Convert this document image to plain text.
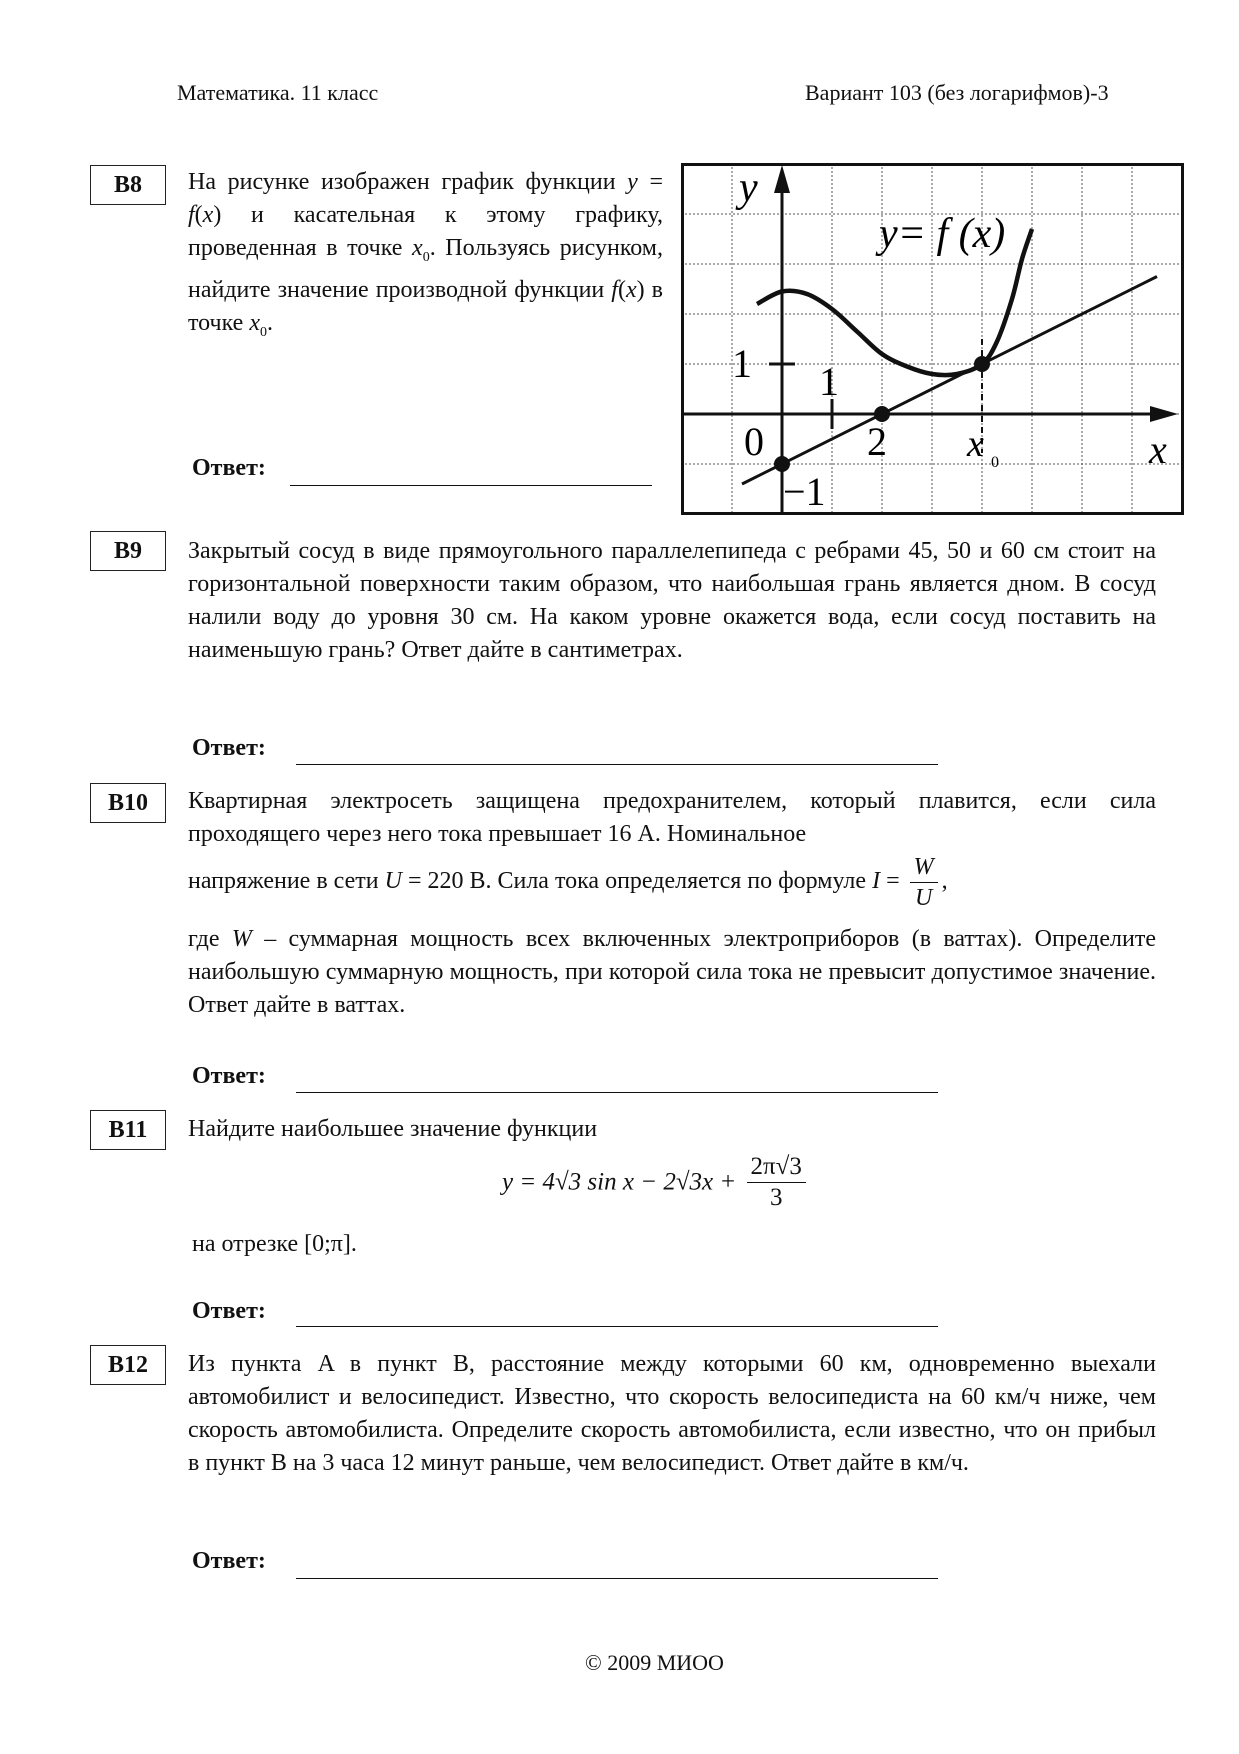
Математика. 11 класс	Вариант 103 (без логарифмов)-3
B8	На рисунке изображен график функции y = f(x) и касательная к этому графику, проведенная в точке $x_0$. Пользуясь рисунком, найдите значение производной функции f(x) в точке $x_0$.
Ответ:
y
x
y= f (x)
0
1 1
2
−1
x 0
B9	Закрытый сосуд в виде прямоугольного параллелепипеда с ребрами 45, 50 и 60 см стоит на горизонтальной поверхности таким образом, что наибольшая грань является дном. В сосуд налили воду до уровня 30 см. На каком уровне окажется вода, если сосуд поставить на наименьшую грань? Ответ дайте в сантиметрах.
Ответ:
B10	Квартирная электросеть защищена предохранителем, который плавится, если сила проходящего через него тока превышает 16 А. Номинальное

напряжение в сети U = 220 В. Сила тока определяется по формуле $I = \frac{W}{U}$ ,

где W – суммарная мощность всех включенных электроприборов (в ваттах). Определите наибольшую суммарную мощность, при которой сила тока не превысит допустимое значение. Ответ дайте в ваттах.

Ответ:
B11	Найдите наибольшее значение функции
y = 4√3 $\sin x - 2√3x + \frac{2\pi√3}{3}$
на отрезке [0;π].
Ответ:
B12	Из пункта A в пункт B, расстояние между которыми 60 км, одновременно выехали автомобилист и велосипедист. Известно, что скорость велосипедиста на 60 км/ч ниже, чем скорость автомобилиста. Определите скорость автомобилиста, если известно, что он прибыл в пункт B на 3 часа 12 минут раньше, чем велосипедист. Ответ дайте в км/ч.
Ответ:
© 2009 МИОО
